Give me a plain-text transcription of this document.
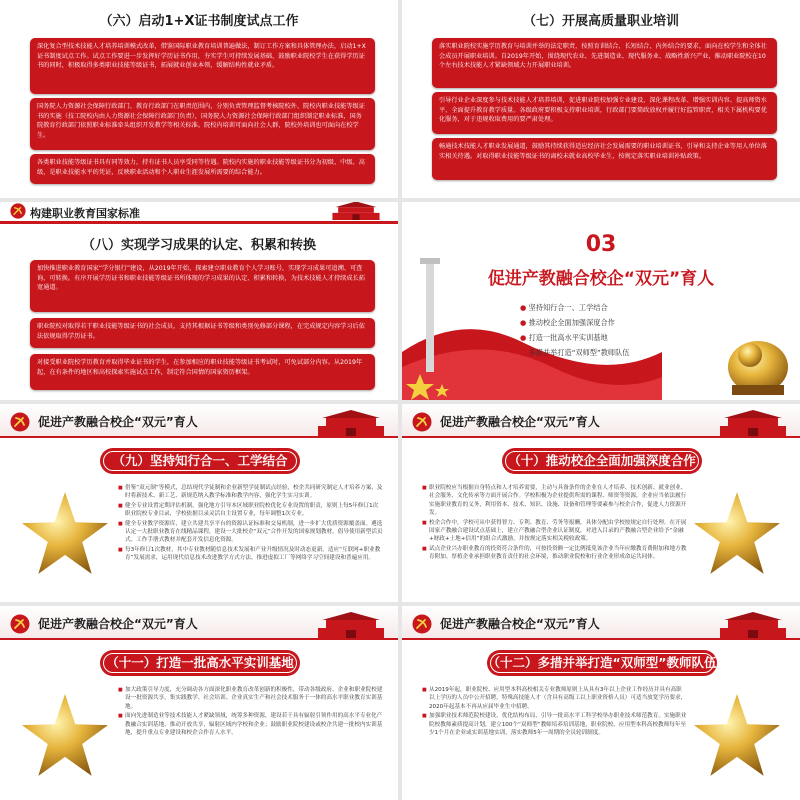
（六）启动1+X证书制度试点工作
深化复合型技术技能人才培养培训模式改革，借鉴国际职业教育培训普遍做法，制订工作方案和具体管理办法，启动1+X证书制度试点工作。试点工作要进一步发挥好学历证书作用，夯实学生可持续发展基础，鼓励职业院校学生在获得学历证书的同时，积极取得多类职业技能等级证书，拓展就业创业本领，缓解结构性就业矛盾。
国务院人力资源社会保障行政部门、教育行政部门在职责范围内，分别负责管理监督考核院校外、院校内职业技能等级证书的实施（技工院校内由人力资源社会保障行政部门负责），国务院人力资源社会保障行政部门组织制定职业标准，国务院教育行政部门依照职业标准牵头组织开发教学等相关标准。院校内培训可面向社会人群，院校外培训也可面向在校学生。
各类职业技能等级证书具有同等效力，持有证书人员享受同等待遇。院校内实施的职业技能等级证书分为初级、中级、高级，是职业技能水平的凭证，反映职业活动和个人职业生涯发展所需要的综合能力。
（七）开展高质量职业培训
落实职业院校实施学历教育与培训并举的法定职责，按照育训结合、长短结合、内外结合的要求，面向在校学生和全体社会成员开展职业培训。自2019年开始，围绕现代农业、先进制造业、现代服务业、战略性新兴产业，推动职业院校在10个左右技术技能人才紧缺领域大力开展职业培训。
引导行业企业深度参与技术技能人才培养培训，促进职业院校加强专业建设、深化课程改革、增强实训内容、提高师资水平，全面提升教育教学质量。各级政府要积极支持职业培训，行政部门要简政放权并履行好监管职责，相关下属机构要优化服务，对于违规收取费用的要严肃处理。
畅通技术技能人才职业发展通道，鼓励其持续获得适应经济社会发展需要的职业培训证书，引导和支持企业等用人单位落实相关待遇。对取得职业技能等级证书的离校未就业高校毕业生，按规定落实职业培训补贴政策。
构建职业教育国家标准
（八）实现学习成果的认定、积累和转换
加快推进职业教育国家“学分银行”建设，从2019年开始，探索建立职业教育个人学习账号，实现学习成果可追溯、可查询、可转换。有序开展学历证书和职业技能等级证书所体现的学习成果的认定、积累和转换，为技术技能人才持续成长拓宽通道。
职业院校对取得若干职业技能等级证书的社会成员，支持其根据证书等级和类别免修部分课程，在完成规定内容学习后依法依规取得学历证书。
对接受职业院校学历教育并取得毕业证书的学生，在参加相应的职业技能等级证书考试时，可免试部分内容。从2019年起，在有条件的地区和高校探索实施试点工作，制定符合国情的国家资历框架。
03
促进产教融合校企“双元”育人
● 坚持知行合一、工学结合
● 推动校企全面加强深度合作
● 打造一批高水平实训基地
● 多措并举打造“双师型”教师队伍
促进产教融合校企“双元”育人
（九）坚持知行合一、工学结合

■ 借鉴“双元制”等模式，总结现代学徒制和企业新型学徒制试点经验，校企共同研究制定人才培养方案，及时将新技术、新工艺、新规范纳入教学标准和教学内容，强化学生实习实训。

■ 健全专业设置定期评估机制，强化地方引导本区域职业院校优化专业设置的职责，原则上每5年修订1次职业院校专业目录，学校依据目录灵活自主设置专业，每年调整1次专业。

■ 健全专业教学资源库，建立共建共享平台的资源认证标准和交易机制，进一步扩大优质资源覆盖面。遴选认定一大批职业教育在线精品课程，建设一大批校企“双元”合作开发的国家规划教材，倡导使用新型活页式、工作手册式教材并配套开发信息化资源。

■ 每3年修订1次教材，其中专业教材随信息技术发展和产业升级情况及时动态更新。适应“互联网+职业教育”发展需求，运用现代信息技术改进教学方式方法，推进虚拟工厂等网络学习空间建设和普遍应用。

促进产教融合校企“双元”育人
（十）推动校企全面加强深度合作

■ 职业院校应当根据自身特点和人才培养需要，主动与具备条件的企业在人才培养、技术创新、就业创业、社会服务、文化传承等方面开展合作。学校积极为企业提供所需的课程、师资等资源，企业应当依法履行实施职业教育的义务，利用资本、技术、知识、设施、设备和管理等要素参与校企合作，促进人力资源开发。

■ 校企合作中，学校可从中获得智力、专利、教育、劳务等报酬，具体分配由学校按规定自行处理。在开展国家产教融合建设试点基础上，建立产教融合型企业认证制度，对进入目录的产教融合型企业给予“金融+财政+土地+信用”的组合式激励，并按规定落实相关税收政策。

■ 试点企业兴办职业教育的投资符合条件的，可按投资额一定比例抵免该企业当年应缴教育费附加和地方教育附加。厚植企业承担职业教育责任的社会环境，推动职业院校和行业企业形成命运共同体。

促进产教融合校企“双元”育人
（十一）打造一批高水平实训基地

■ 加大政策引导力度，充分调动各方面深化职业教育改革创新的积极性，带动各级政府、企业和职业院校建设一批资源共享，集实践教学、社会培训、企业真实生产和社会技术服务于一体的高水平职业教育实训基地。

■ 面向先进制造业等技术技能人才紧缺领域，统筹多种资源，建设若干具有辐射引领作用的高水平专业化产教融合实训基地，推动开放共享，辐射区域内学校和企业；鼓励职业院校建设或校企共建一批校内实训基地，提升重点专业建设和校企合作育人水平。

促进产教融合校企“双元”育人
（十二）多措并举打造“双师型”教师队伍

■ 从2019年起，职业院校、应用型本科高校相关专业教师原则上从具有3年以上企业工作经历并具有高职以上学历的人员中公开招聘，特殊高技能人才（含具有高级工以上职业资格人员）可适当放宽学历要求，2020年起基本不再从应届毕业生中招聘。

■ 加强职业技术师范院校建设，优化结构布局，引导一批高水平工科学校举办职业技术师范教育。实施职业院校教师素质提高计划，建立100个“双师型”教师培养培训基地，职业院校、应用型本科高校教师每年至少1个月在企业或实训基地实训，落实教师5年一周期的全员轮训制度。
